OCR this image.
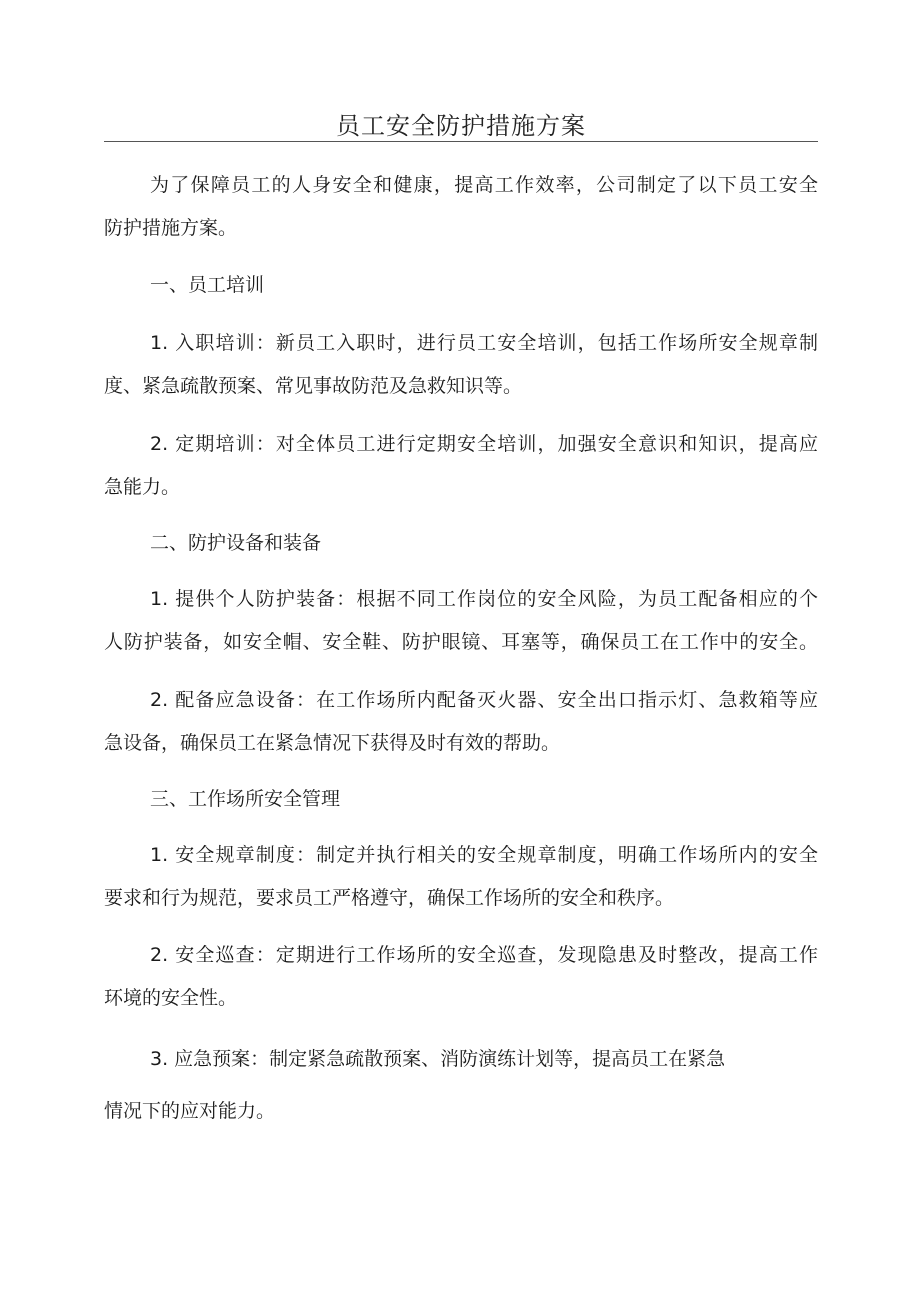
员工安全防护措施方案
为了保障员工的人身安全和健康，提高工作效率，公司制定了以下员工安全
防护措施方案。
一、员工培训
1. 入职培训：新员工入职时，进行员工安全培训，包括工作场所安全规章制
度、紧急疏散预案、常见事故防范及急救知识等。
2. 定期培训：对全体员工进行定期安全培训，加强安全意识和知识，提高应
急能力。
二、防护设备和装备
1. 提供个人防护装备：根据不同工作岗位的安全风险，为员工配备相应的个
人防护装备，如安全帽、安全鞋、防护眼镜、耳塞等，确保员工在工作中的安全。
2. 配备应急设备：在工作场所内配备灭火器、安全出口指示灯、急救箱等应
急设备，确保员工在紧急情况下获得及时有效的帮助。
三、工作场所安全管理
1. 安全规章制度：制定并执行相关的安全规章制度，明确工作场所内的安全
要求和行为规范，要求员工严格遵守，确保工作场所的安全和秩序。
2. 安全巡查：定期进行工作场所的安全巡查，发现隐患及时整改，提高工作
环境的安全性。
3. 应急预案：制定紧急疏散预案、消防演练计划等，提高员工在紧急
情况下的应对能力。
